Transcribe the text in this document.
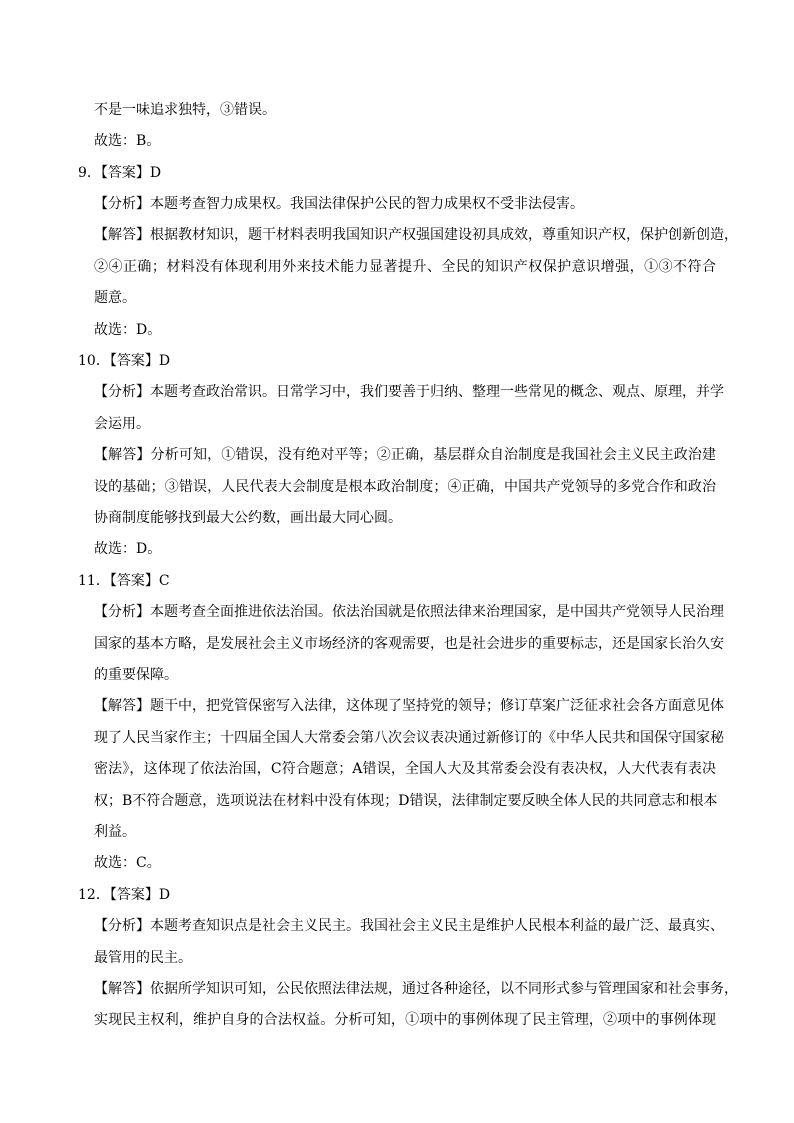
不是一味追求独特，③错误。
故选：B。
9．【答案】D
【分析】本题考查智力成果权。我国法律保护公民的智力成果权不受非法侵害。
【解答】根据教材知识，题干材料表明我国知识产权强国建设初具成效，尊重知识产权，保护创新创造，
②④正确；材料没有体现利用外来技术能力显著提升、全民的知识产权保护意识增强，①③不符合
题意。
故选：D。
10．【答案】D
【分析】本题考查政治常识。日常学习中，我们要善于归纳、整理一些常见的概念、观点、原理，并学
会运用。
【解答】分析可知，①错误，没有绝对平等；②正确，基层群众自治制度是我国社会主义民主政治建
设的基础；③错误，人民代表大会制度是根本政治制度；④正确，中国共产党领导的多党合作和政治
协商制度能够找到最大公约数，画出最大同心圆。
故选：D。
11．【答案】C
【分析】本题考查全面推进依法治国。依法治国就是依照法律来治理国家，是中国共产党领导人民治理
国家的基本方略，是发展社会主义市场经济的客观需要，也是社会进步的重要标志，还是国家长治久安
的重要保障。
【解答】题干中，把党管保密写入法律，这体现了坚持党的领导；修订草案广泛征求社会各方面意见体
现了人民当家作主；十四届全国人大常委会第八次会议表决通过新修订的《中华人民共和国保守国家秘
密法》，这体现了依法治国，C符合题意；A错误，全国人大及其常委会没有表决权，人大代表有表决
权；B不符合题意，选项说法在材料中没有体现；D错误，法律制定要反映全体人民的共同意志和根本
利益。
故选：C。
12．【答案】D
【分析】本题考查知识点是社会主义民主。我国社会主义民主是维护人民根本利益的最广泛、最真实、
最管用的民主。
【解答】依据所学知识可知，公民依照法律法规，通过各种途径，以不同形式参与管理国家和社会事务，
实现民主权利，维护自身的合法权益。分析可知，①项中的事例体现了民主管理，②项中的事例体现
